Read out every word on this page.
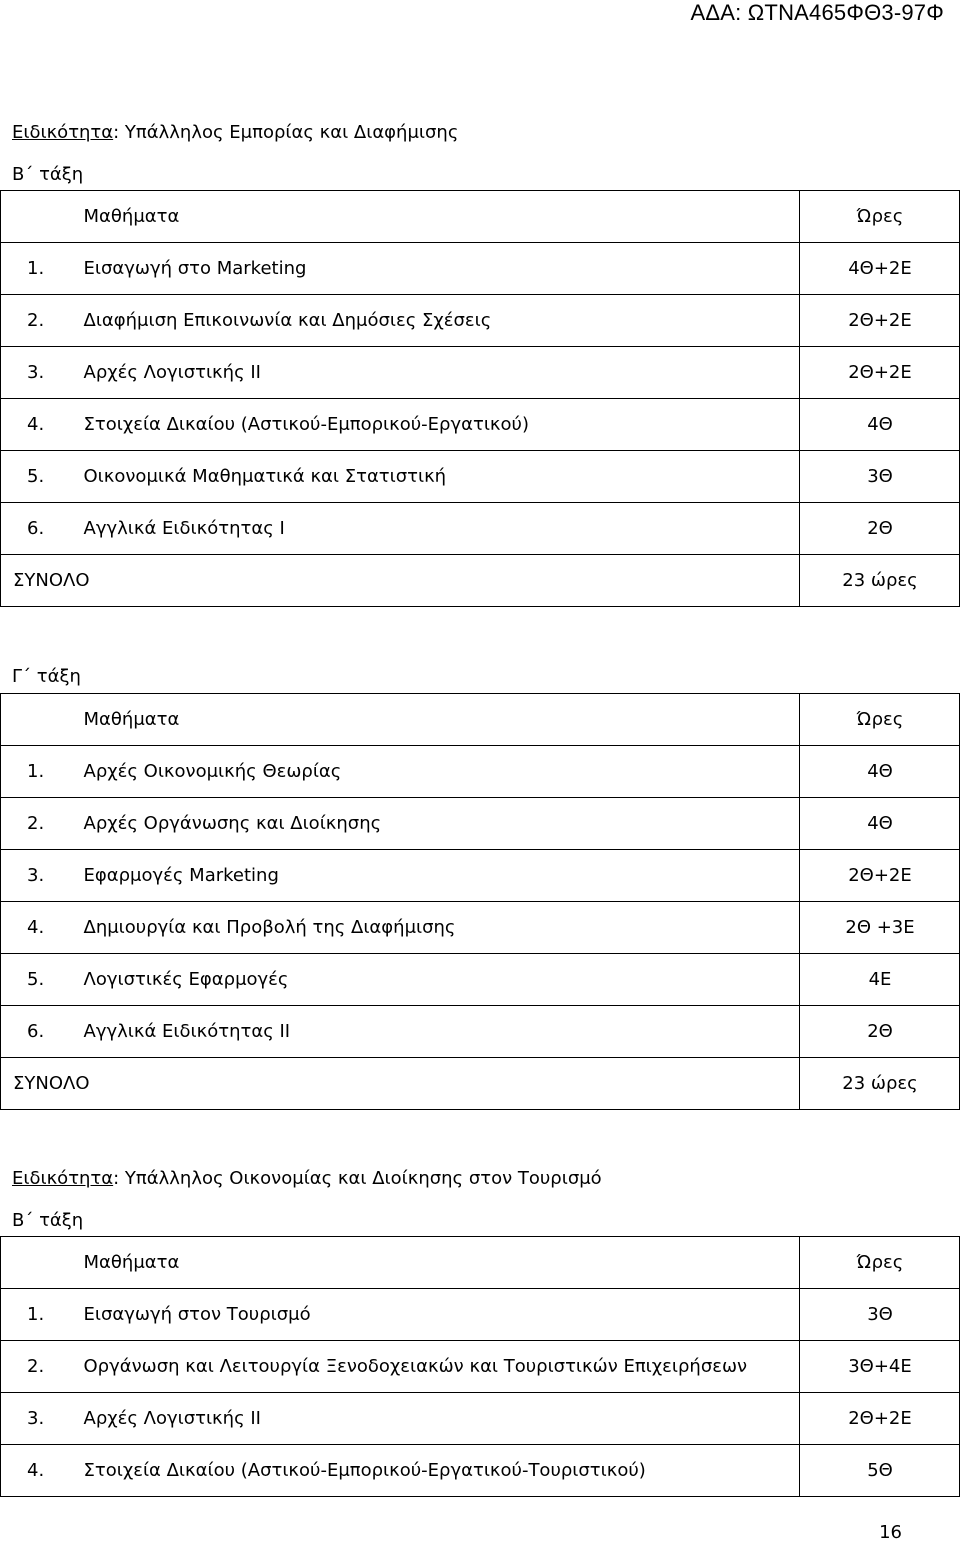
ΑΔΑ: ΩΤΝΑ465ΦΘ3-97Φ
Ειδικότητα: Υπάλληλος Εμπορίας και Διαφήμισης
Β΄ τάξη
	Μαθήματα	Ώρες
1.	Εισαγωγή στο Marketing	4Θ+2Ε
2.	Διαφήμιση Επικοινωνία και Δημόσιες Σχέσεις	2Θ+2Ε
3.	Αρχές Λογιστικής ΙΙ	2Θ+2Ε
4.	Στοιχεία Δικαίου (Αστικού-Εμπορικού-Εργατικού)	4Θ
5.	Οικονομικά Μαθηματικά και Στατιστική	3Θ
6.	Αγγλικά Ειδικότητας Ι	2Θ
ΣΥΝΟΛΟ		23 ώρες
Γ΄ τάξη
	Μαθήματα	Ώρες
1.	Αρχές Οικονομικής Θεωρίας	4Θ
2.	Αρχές Οργάνωσης και Διοίκησης	4Θ
3.	Εφαρμογές Marketing	2Θ+2Ε
4.	Δημιουργία και Προβολή της Διαφήμισης	2Θ +3Ε
5.	Λογιστικές Εφαρμογές	4Ε
6.	Αγγλικά Ειδικότητας ΙΙ	2Θ
ΣΥΝΟΛΟ		23 ώρες
Ειδικότητα: Υπάλληλος Οικονομίας και Διοίκησης στον Τουρισμό
Β΄ τάξη
	Μαθήματα	Ώρες
1.	Εισαγωγή στον Τουρισμό	3Θ
2.	Οργάνωση και Λειτουργία Ξενοδοχειακών και Τουριστικών Επιχειρήσεων	3Θ+4Ε
3.	Αρχές Λογιστικής ΙΙ	2Θ+2Ε
4.	Στοιχεία Δικαίου (Αστικού-Εμπορικού-Εργατικού-Τουριστικού)	5Θ
16
